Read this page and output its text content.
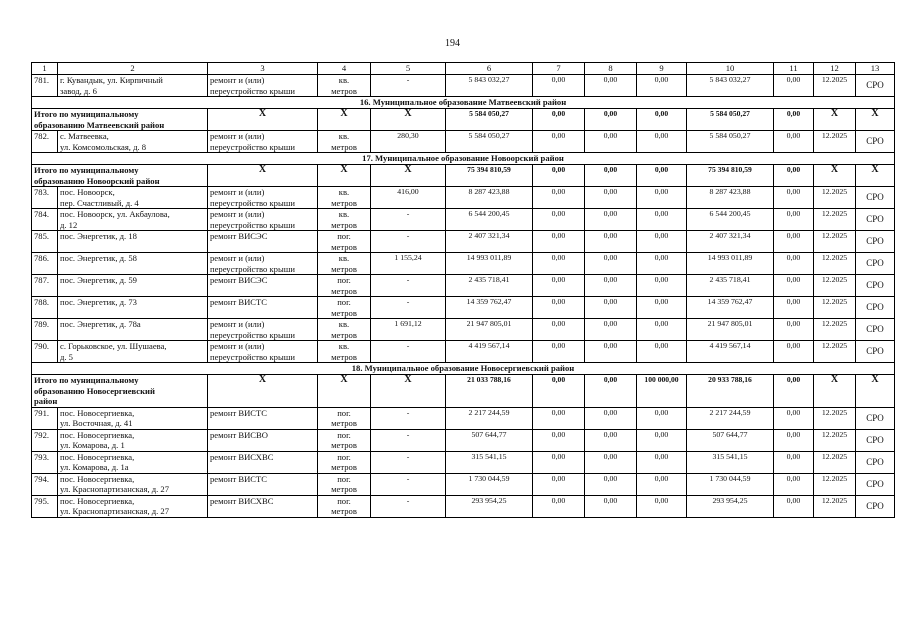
194
1	2	3	4	5	6	7	8	9	10	11	12	13
781.	г. Кувандык, ул. Кирпичный
завод, д. 6	ремонт и (или)
переустройство крыши	кв.
метров	-	5 843 032,27	0,00	0,00	0,00	5 843 032,27	0,00	12.2025	СРО
16. Муниципальное образование Матвеевский район												
Итого по муниципальному
образованию Матвеевский район		X	X	X	5 584 050,27	0,00	0,00	0,00	5 584 050,27	0,00	X	X
782.	с. Матвеевка,
ул. Комсомольская, д. 8	ремонт и (или)
переустройство крыши	кв.
метров	280,30	5 584 050,27	0,00	0,00	0,00	5 584 050,27	0,00	12.2025	СРО
17. Муниципальное образование Новоорский район												
Итого по муниципальному
образованию Новоорский район		X	X	X	75 394 810,59	0,00	0,00	0,00	75 394 810,59	0,00	X	X
783.	пос. Новоорск,
пер. Счастливый, д. 4	ремонт и (или)
переустройство крыши	кв.
метров	416,00	8 287 423,88	0,00	0,00	0,00	8 287 423,88	0,00	12.2025	СРО
784.	пос. Новоорск, ул. Акбаулова,
д. 12	ремонт и (или)
переустройство крыши	кв.
метров	-	6 544 200,45	0,00	0,00	0,00	6 544 200,45	0,00	12.2025	СРО
785.	пос. Энергетик, д. 18	ремонт ВИСЭС	пог.
метров	-	2 407 321,34	0,00	0,00	0,00	2 407 321,34	0,00	12.2025	СРО
786.	пос. Энергетик, д. 58	ремонт и (или)
переустройство крыши	кв.
метров	1 155,24	14 993 011,89	0,00	0,00	0,00	14 993 011,89	0,00	12.2025	СРО
787.	пос. Энергетик, д. 59	ремонт ВИСЭС	пог.
метров	-	2 435 718,41	0,00	0,00	0,00	2 435 718,41	0,00	12.2025	СРО
788.	пос. Энергетик, д. 73	ремонт ВИСТС	пог.
метров	-	14 359 762,47	0,00	0,00	0,00	14 359 762,47	0,00	12.2025	СРО
789.	пос. Энергетик, д. 78а	ремонт и (или)
переустройство крыши	кв.
метров	1 691,12	21 947 805,01	0,00	0,00	0,00	21 947 805,01	0,00	12.2025	СРО
790.	с. Горьковское, ул. Шушаева,
д. 5	ремонт и (или)
переустройство крыши	кв.
метров	-	4 419 567,14	0,00	0,00	0,00	4 419 567,14	0,00	12.2025	СРО
18. Муниципальное образование Новосергиевский район												
Итого по муниципальному
образованию Новосергиевский
район		X	X	X	21 033 788,16	0,00	0,00	100 000,00	20 933 788,16	0,00	X	X
791.	пос. Новосергиевка,
ул. Восточная, д. 41	ремонт ВИСТС	пог.
метров	-	2 217 244,59	0,00	0,00	0,00	2 217 244,59	0,00	12.2025	СРО
792.	пос. Новосергиевка,
ул. Комарова, д. 1	ремонт ВИСВО	пог.
метров	-	507 644,77	0,00	0,00	0,00	507 644,77	0,00	12.2025	СРО
793.	пос. Новосергиевка,
ул. Комарова, д. 1а	ремонт ВИСХВС	пог.
метров	-	315 541,15	0,00	0,00	0,00	315 541,15	0,00	12.2025	СРО
794.	пос. Новосергиевка,
ул. Краснопартизанская, д. 27	ремонт ВИСТС	пог.
метров	-	1 730 044,59	0,00	0,00	0,00	1 730 044,59	0,00	12.2025	СРО
795.	пос. Новосергиевка,
ул. Краснопартизанская, д. 27	ремонт ВИСХВС	пог.
метров	-	293 954,25	0,00	0,00	0,00	293 954,25	0,00	12.2025	СРО
